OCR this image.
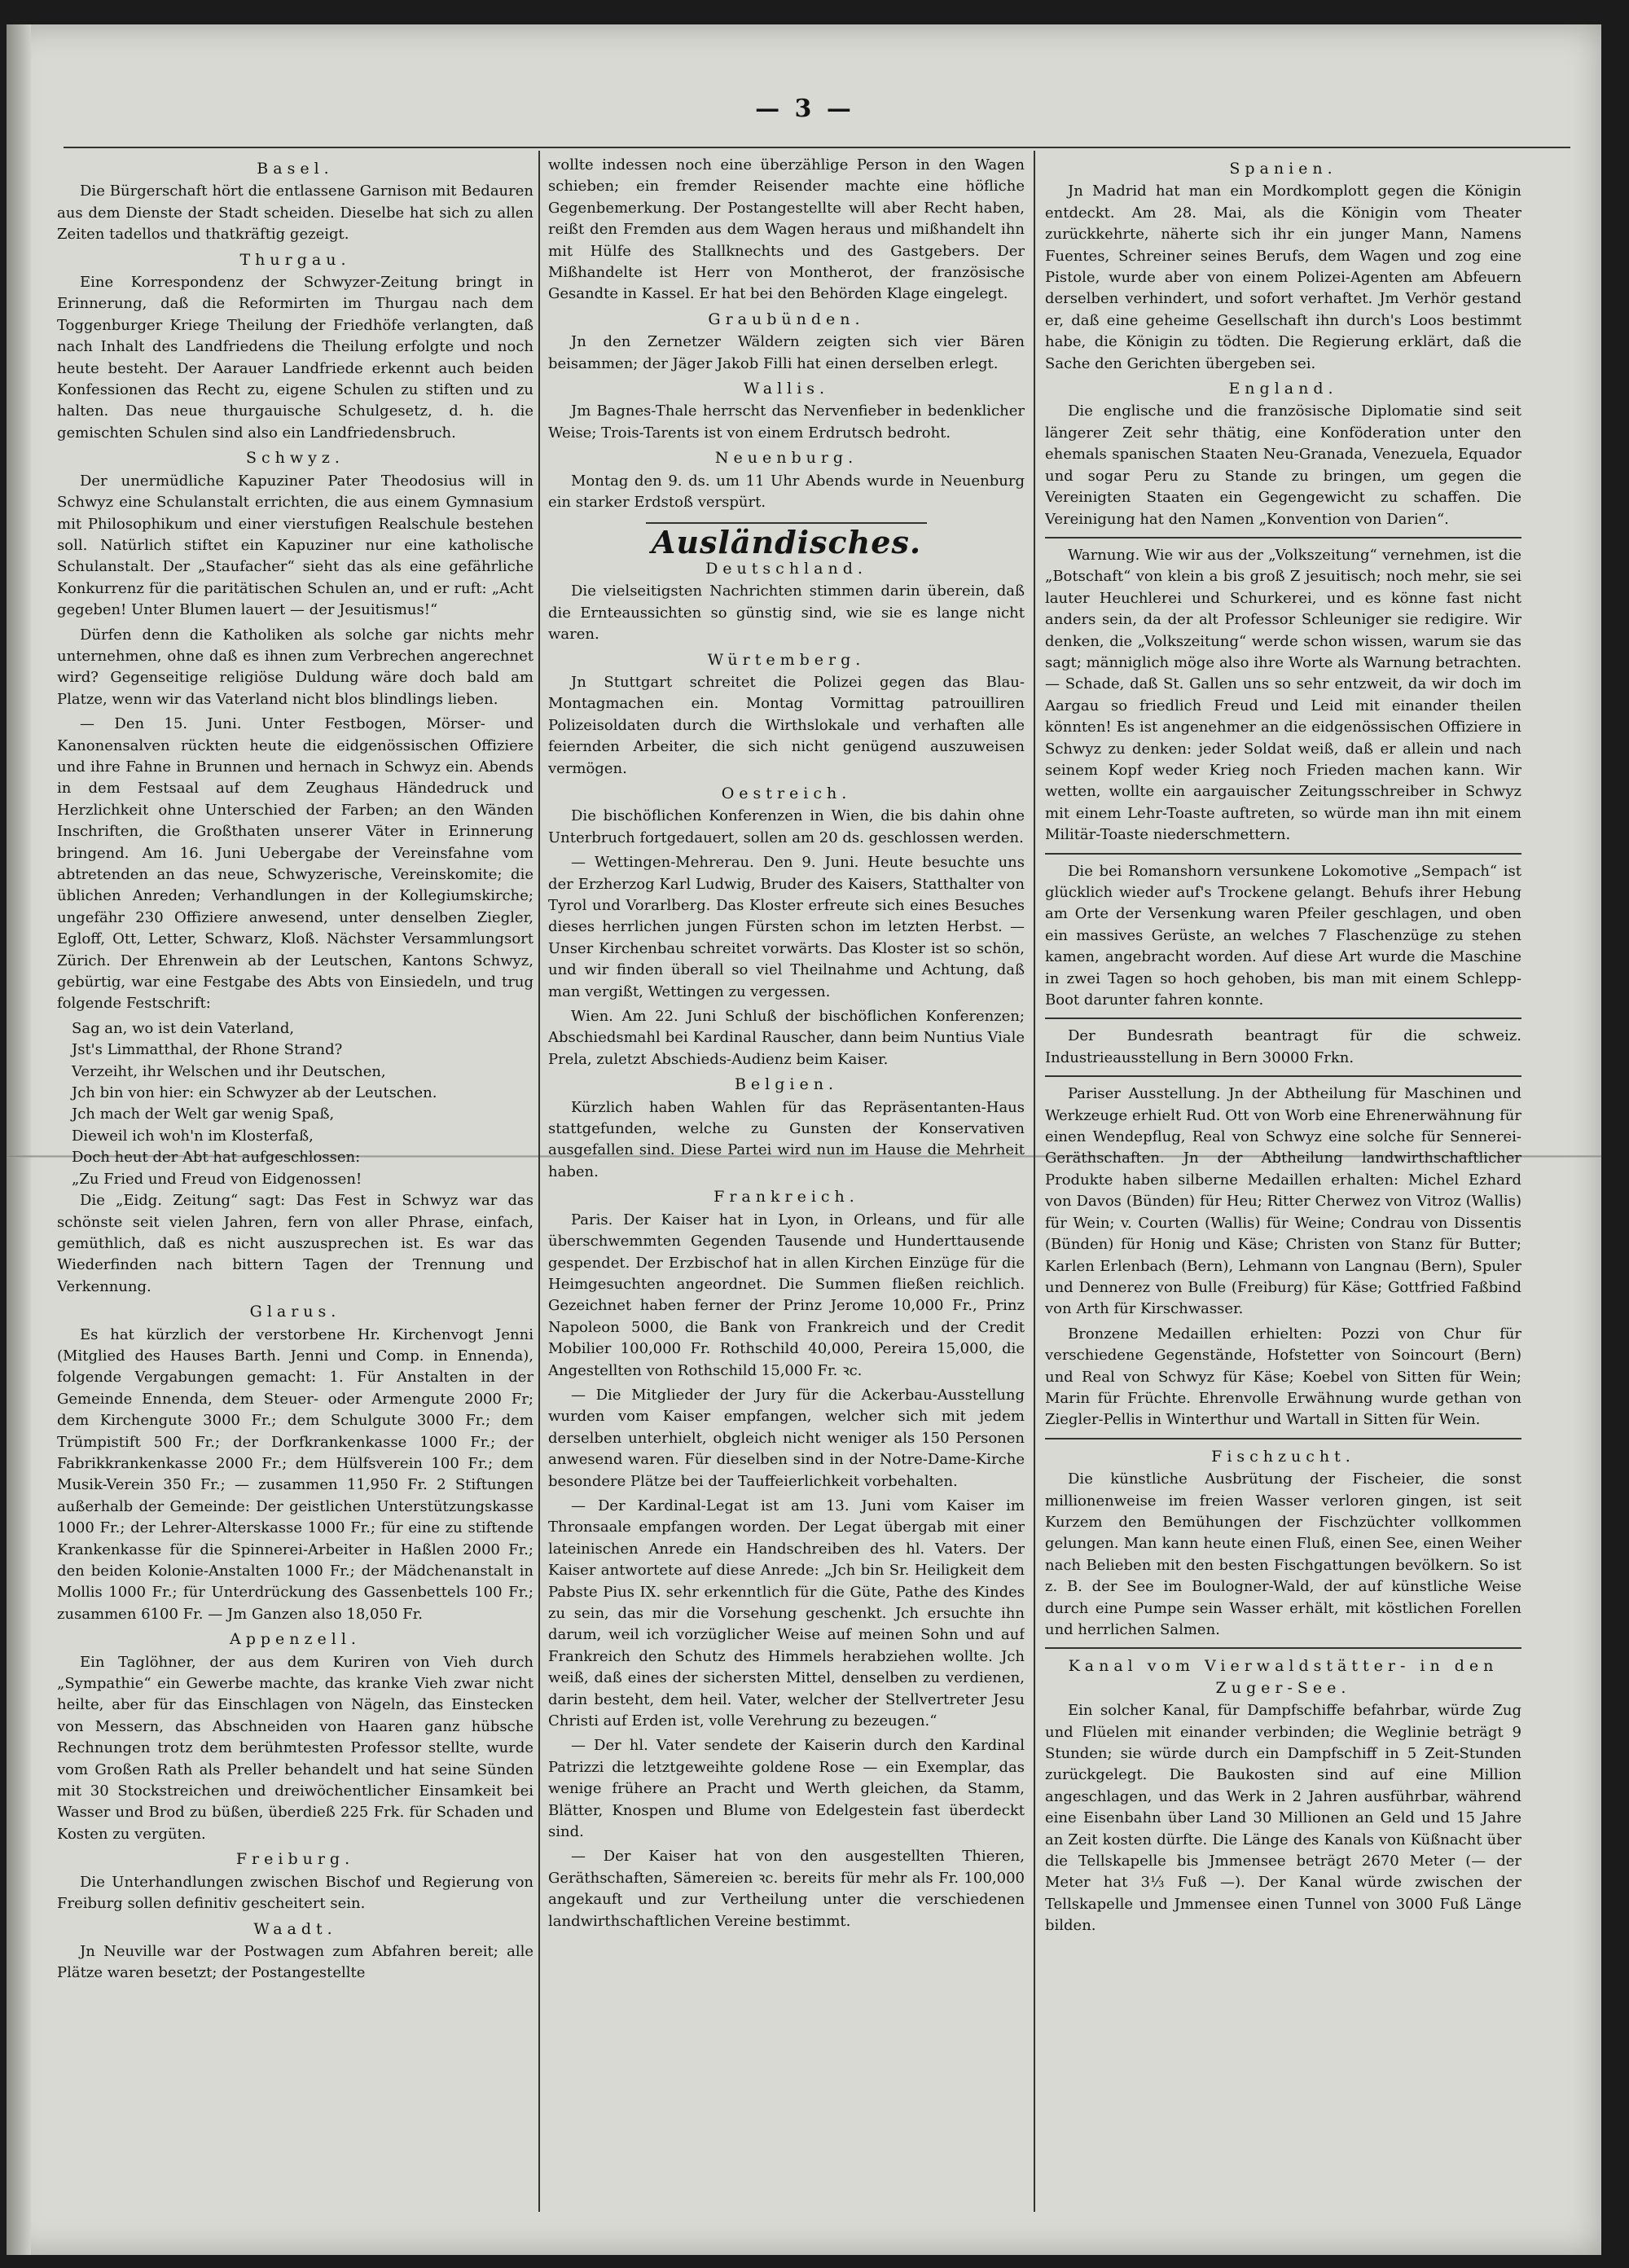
— 3 —
Basel.

Die Bürgerschaft hört die entlassene Garnison mit Bedauren aus dem Dienste der Stadt scheiden. Dieselbe hat sich zu allen Zeiten tadellos und thatkräftig gezeigt.

Thurgau.

Eine Korrespondenz der Schwyzer-Zeitung bringt in Erinnerung, daß die Reformirten im Thurgau nach dem Toggenburger Kriege Theilung der Friedhöfe verlangten, daß nach Inhalt des Landfriedens die Theilung erfolgte und noch heute besteht. Der Aarauer Landfriede erkennt auch beiden Konfessionen das Recht zu, eigene Schulen zu stiften und zu halten. Das neue thurgauische Schulgesetz, d. h. die gemischten Schulen sind also ein Landfriedensbruch.

Schwyz.

Der unermüdliche Kapuziner Pater Theodosius will in Schwyz eine Schulanstalt errichten, die aus einem Gymnasium mit Philosophikum und einer vierstufigen Realschule bestehen soll. Natürlich stiftet ein Kapuziner nur eine katholische Schulanstalt. Der „Staufacher“ sieht das als eine gefährliche Konkurrenz für die paritätischen Schulen an, und er ruft: „Acht gegeben! Unter Blumen lauert — der Jesuitismus!“

Dürfen denn die Katholiken als solche gar nichts mehr unternehmen, ohne daß es ihnen zum Verbrechen angerechnet wird? Gegenseitige religiöse Duldung wäre doch bald am Platze, wenn wir das Vaterland nicht blos blindlings lieben.

— Den 15. Juni. Unter Festbogen, Mörser- und Kanonensalven rückten heute die eidgenössischen Offiziere und ihre Fahne in Brunnen und hernach in Schwyz ein. Abends in dem Festsaal auf dem Zeughaus Händedruck und Herzlichkeit ohne Unterschied der Farben; an den Wänden Inschriften, die Großthaten unserer Väter in Erinnerung bringend. Am 16. Juni Uebergabe der Vereinsfahne vom abtretenden an das neue, Schwyzerische, Vereinskomite; die üblichen Anreden; Verhandlungen in der Kollegiumskirche; ungefähr 230 Offiziere anwesend, unter denselben Ziegler, Egloff, Ott, Letter, Schwarz, Kloß. Nächster Versammlungsort Zürich. Der Ehrenwein ab der Leutschen, Kantons Schwyz, gebürtig, war eine Festgabe des Abts von Einsiedeln, und trug folgende Festschrift:

Sag an, wo ist dein Vaterland,

Jst's Limmatthal, der Rhone Strand?

Verzeiht, ihr Welschen und ihr Deutschen,

Jch bin von hier: ein Schwyzer ab der Leutschen.

Jch mach der Welt gar wenig Spaß,

Dieweil ich woh'n im Klosterfaß,

Doch heut der Abt hat aufgeschlossen:

„Zu Fried und Freud von Eidgenossen!

Die „Eidg. Zeitung“ sagt: Das Fest in Schwyz war das schönste seit vielen Jahren, fern von aller Phrase, einfach, gemüthlich, daß es nicht auszusprechen ist. Es war das Wiederfinden nach bittern Tagen der Trennung und Verkennung.

Glarus.

Es hat kürzlich der verstorbene Hr. Kirchenvogt Jenni (Mitglied des Hauses Barth. Jenni und Comp. in Ennenda), folgende Vergabungen gemacht: 1. Für Anstalten in der Gemeinde Ennenda, dem Steuer- oder Armengute 2000 Fr; dem Kirchengute 3000 Fr.; dem Schulgute 3000 Fr.; dem Trümpistift 500 Fr.; der Dorfkrankenkasse 1000 Fr.; der Fabrikkrankenkasse 2000 Fr.; dem Hülfsverein 100 Fr.; dem Musik-Verein 350 Fr.; — zusammen 11,950 Fr. 2 Stiftungen außerhalb der Gemeinde: Der geistlichen Unterstützungskasse 1000 Fr.; der Lehrer-Alterskasse 1000 Fr.; für eine zu stiftende Krankenkasse für die Spinnerei-Arbeiter in Haßlen 2000 Fr.; den beiden Kolonie-Anstalten 1000 Fr.; der Mädchenanstalt in Mollis 1000 Fr.; für Unterdrückung des Gassenbettels 100 Fr.; zusammen 6100 Fr. — Jm Ganzen also 18,050 Fr.

Appenzell.

Ein Taglöhner, der aus dem Kuriren von Vieh durch „Sympathie“ ein Gewerbe machte, das kranke Vieh zwar nicht heilte, aber für das Einschlagen von Nägeln, das Einstecken von Messern, das Abschneiden von Haaren ganz hübsche Rechnungen trotz dem berühmtesten Professor stellte, wurde vom Großen Rath als Preller behandelt und hat seine Sünden mit 30 Stockstreichen und dreiwöchentlicher Einsamkeit bei Wasser und Brod zu büßen, überdieß 225 Frk. für Schaden und Kosten zu vergüten.

Freiburg.

Die Unterhandlungen zwischen Bischof und Regierung von Freiburg sollen definitiv gescheitert sein.

Waadt.

Jn Neuville war der Postwagen zum Abfahren bereit; alle Plätze waren besetzt; der Postangestellte

wollte indessen noch eine überzählige Person in den Wagen schieben; ein fremder Reisender machte eine höfliche Gegenbemerkung. Der Postangestellte will aber Recht haben, reißt den Fremden aus dem Wagen heraus und mißhandelt ihn mit Hülfe des Stallknechts und des Gastgebers. Der Mißhandelte ist Herr von Montherot, der französische Gesandte in Kassel. Er hat bei den Behörden Klage eingelegt.

Graubünden.

Jn den Zernetzer Wäldern zeigten sich vier Bären beisammen; der Jäger Jakob Filli hat einen derselben erlegt.

Wallis.

Jm Bagnes-Thale herrscht das Nervenfieber in bedenklicher Weise; Trois-Tarents ist von einem Erdrutsch bedroht.

Neuenburg.

Montag den 9. ds. um 11 Uhr Abends wurde in Neuenburg ein starker Erdstoß verspürt.

Ausländisches.
Deutschland.

Die vielseitigsten Nachrichten stimmen darin überein, daß die Ernteaussichten so günstig sind, wie sie es lange nicht waren.

Würtemberg.

Jn Stuttgart schreitet die Polizei gegen das Blau-Montagmachen ein. Montag Vormittag patrouilliren Polizeisoldaten durch die Wirthslokale und verhaften alle feiernden Arbeiter, die sich nicht genügend auszuweisen vermögen.

Oestreich.

Die bischöflichen Konferenzen in Wien, die bis dahin ohne Unterbruch fortgedauert, sollen am 20 ds. geschlossen werden.

— Wettingen-Mehrerau. Den 9. Juni. Heute besuchte uns der Erzherzog Karl Ludwig, Bruder des Kaisers, Statthalter von Tyrol und Vorarlberg. Das Kloster erfreute sich eines Besuches dieses herrlichen jungen Fürsten schon im letzten Herbst. — Unser Kirchenbau schreitet vorwärts. Das Kloster ist so schön, und wir finden überall so viel Theilnahme und Achtung, daß man vergißt, Wettingen zu vergessen.

Wien. Am 22. Juni Schluß der bischöflichen Konferenzen; Abschiedsmahl bei Kardinal Rauscher, dann beim Nuntius Viale Prela, zuletzt Abschieds-Audienz beim Kaiser.

Belgien.

Kürzlich haben Wahlen für das Repräsentanten-Haus stattgefunden, welche zu Gunsten der Konservativen ausgefallen sind. Diese Partei wird nun im Hause die Mehrheit haben.

Frankreich.

Paris. Der Kaiser hat in Lyon, in Orleans, und für alle überschwemmten Gegenden Tausende und Hunderttausende gespendet. Der Erzbischof hat in allen Kirchen Einzüge für die Heimgesuchten angeordnet. Die Summen fließen reichlich. Gezeichnet haben ferner der Prinz Jerome 10,000 Fr., Prinz Napoleon 5000, die Bank von Frankreich und der Credit Mobilier 100,000 Fr. Rothschild 40,000, Pereira 15,000, die Angestellten von Rothschild 15,000 Fr. ꝛc.

— Die Mitglieder der Jury für die Ackerbau-Ausstellung wurden vom Kaiser empfangen, welcher sich mit jedem derselben unterhielt, obgleich nicht weniger als 150 Personen anwesend waren. Für dieselben sind in der Notre-Dame-Kirche besondere Plätze bei der Tauffeierlichkeit vorbehalten.

— Der Kardinal-Legat ist am 13. Juni vom Kaiser im Thronsaale empfangen worden. Der Legat übergab mit einer lateinischen Anrede ein Handschreiben des hl. Vaters. Der Kaiser antwortete auf diese Anrede: „Jch bin Sr. Heiligkeit dem Pabste Pius IX. sehr erkenntlich für die Güte, Pathe des Kindes zu sein, das mir die Vorsehung geschenkt. Jch ersuchte ihn darum, weil ich vorzüglicher Weise auf meinen Sohn und auf Frankreich den Schutz des Himmels herabziehen wollte. Jch weiß, daß eines der sichersten Mittel, denselben zu verdienen, darin besteht, dem heil. Vater, welcher der Stellvertreter Jesu Christi auf Erden ist, volle Verehrung zu bezeugen.“

— Der hl. Vater sendete der Kaiserin durch den Kardinal Patrizzi die letztgeweihte goldene Rose — ein Exemplar, das wenige frühere an Pracht und Werth gleichen, da Stamm, Blätter, Knospen und Blume von Edelgestein fast überdeckt sind.

— Der Kaiser hat von den ausgestellten Thieren, Geräthschaften, Sämereien ꝛc. bereits für mehr als Fr. 100,000 angekauft und zur Vertheilung unter die verschiedenen landwirthschaftlichen Vereine bestimmt.

Spanien.

Jn Madrid hat man ein Mordkomplott gegen die Königin entdeckt. Am 28. Mai, als die Königin vom Theater zurückkehrte, näherte sich ihr ein junger Mann, Namens Fuentes, Schreiner seines Berufs, dem Wagen und zog eine Pistole, wurde aber von einem Polizei-Agenten am Abfeuern derselben verhindert, und sofort verhaftet. Jm Verhör gestand er, daß eine geheime Gesellschaft ihn durch's Loos bestimmt habe, die Königin zu tödten. Die Regierung erklärt, daß die Sache den Gerichten übergeben sei.

England.

Die englische und die französische Diplomatie sind seit längerer Zeit sehr thätig, eine Konföderation unter den ehemals spanischen Staaten Neu-Granada, Venezuela, Equador und sogar Peru zu Stande zu bringen, um gegen die Vereinigten Staaten ein Gegengewicht zu schaffen. Die Vereinigung hat den Namen „Konvention von Darien“.

Warnung. Wie wir aus der „Volkszeitung“ vernehmen, ist die „Botschaft“ von klein a bis groß Z jesuitisch; noch mehr, sie sei lauter Heuchlerei und Schurkerei, und es könne fast nicht anders sein, da der alt Professor Schleuniger sie redigire. Wir denken, die „Volkszeitung“ werde schon wissen, warum sie das sagt; männiglich möge also ihre Worte als Warnung betrachten. — Schade, daß St. Gallen uns so sehr entzweit, da wir doch im Aargau so friedlich Freud und Leid mit einander theilen könnten! Es ist angenehmer an die eidgenössischen Offiziere in Schwyz zu denken: jeder Soldat weiß, daß er allein und nach seinem Kopf weder Krieg noch Frieden machen kann. Wir wetten, wollte ein aargauischer Zeitungsschreiber in Schwyz mit einem Lehr-Toaste auftreten, so würde man ihn mit einem Militär-Toaste niederschmettern.

Die bei Romanshorn versunkene Lokomotive „Sempach“ ist glücklich wieder auf's Trockene gelangt. Behufs ihrer Hebung am Orte der Versenkung waren Pfeiler geschlagen, und oben ein massives Gerüste, an welches 7 Flaschenzüge zu stehen kamen, angebracht worden. Auf diese Art wurde die Maschine in zwei Tagen so hoch gehoben, bis man mit einem Schlepp-Boot darunter fahren konnte.

Der Bundesrath beantragt für die schweiz. Industrieausstellung in Bern 30000 Frkn.

Pariser Ausstellung. Jn der Abtheilung für Maschinen und Werkzeuge erhielt Rud. Ott von Worb eine Ehrenerwähnung für einen Wendepflug, Real von Schwyz eine solche für Sennerei-Geräthschaften. Jn der Abtheilung landwirthschaftlicher Produkte haben silberne Medaillen erhalten: Michel Ezhard von Davos (Bünden) für Heu; Ritter Cherwez von Vitroz (Wallis) für Wein; v. Courten (Wallis) für Weine; Condrau von Dissentis (Bünden) für Honig und Käse; Christen von Stanz für Butter; Karlen Erlenbach (Bern), Lehmann von Langnau (Bern), Spuler und Dennerez von Bulle (Freiburg) für Käse; Gottfried Faßbind von Arth für Kirschwasser.

Bronzene Medaillen erhielten: Pozzi von Chur für verschiedene Gegenstände, Hofstetter von Soincourt (Bern) und Real von Schwyz für Käse; Koebel von Sitten für Wein; Marin für Früchte. Ehrenvolle Erwähnung wurde gethan von Ziegler-Pellis in Winterthur und Wartall in Sitten für Wein.

Fischzucht.

Die künstliche Ausbrütung der Fischeier, die sonst millionenweise im freien Wasser verloren gingen, ist seit Kurzem den Bemühungen der Fischzüchter vollkommen gelungen. Man kann heute einen Fluß, einen See, einen Weiher nach Belieben mit den besten Fischgattungen bevölkern. So ist z. B. der See im Boulogner-Wald, der auf künstliche Weise durch eine Pumpe sein Wasser erhält, mit köstlichen Forellen und herrlichen Salmen.

Kanal vom Vierwaldstätter- in den Zuger-See.

Ein solcher Kanal, für Dampfschiffe befahrbar, würde Zug und Flüelen mit einander verbinden; die Weglinie beträgt 9 Stunden; sie würde durch ein Dampfschiff in 5 Zeit-Stunden zurückgelegt. Die Baukosten sind auf eine Million angeschlagen, und das Werk in 2 Jahren ausführbar, während eine Eisenbahn über Land 30 Millionen an Geld und 15 Jahre an Zeit kosten dürfte. Die Länge des Kanals von Küßnacht über die Tellskapelle bis Jmmensee beträgt 2670 Meter (— der Meter hat 3⅓ Fuß —). Der Kanal würde zwischen der Tellskapelle und Jmmensee einen Tunnel von 3000 Fuß Länge bilden.
